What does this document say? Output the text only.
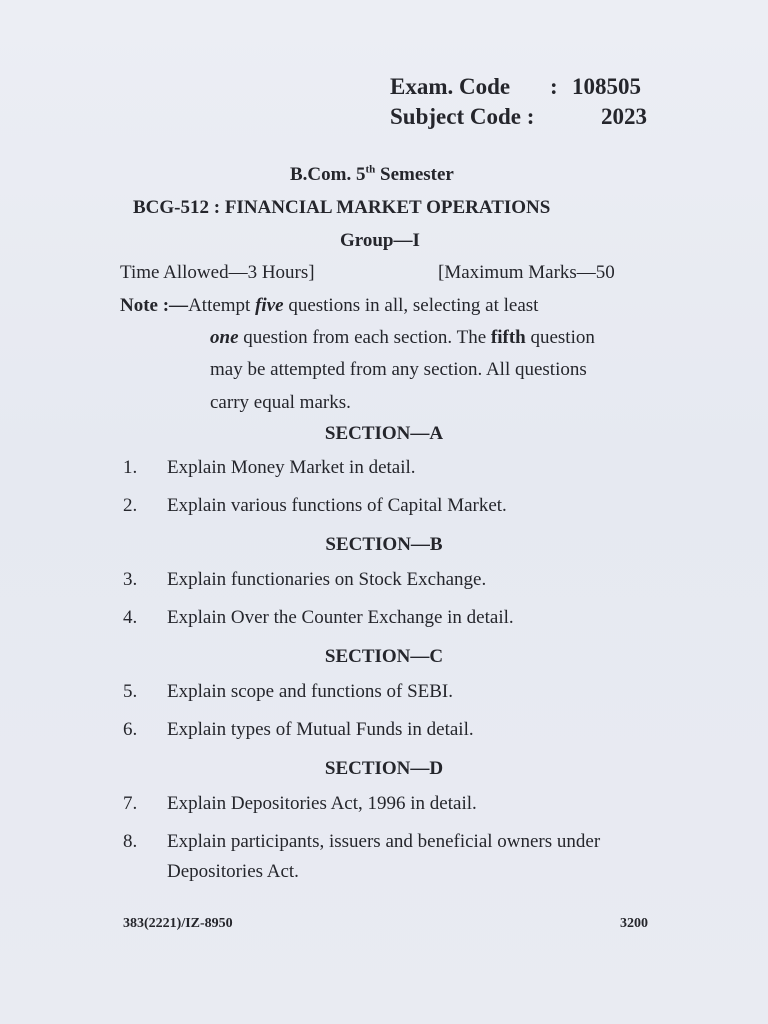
Exam. Code : 108505
Subject Code :	2023
B.Com. 5th Semester
BCG-512 : FINANCIAL MARKET OPERATIONS
Group—I
Time Allowed—3 Hours]	[Maximum Marks—50
Note :—Attempt five questions in all, selecting at least
one question from each section. The fifth question
may be attempted from any section. All questions
carry equal marks.
SECTION—A
1. Explain Money Market in detail.
2. Explain various functions of Capital Market.
SECTION—B
3. Explain functionaries on Stock Exchange.
4. Explain Over the Counter Exchange in detail.
SECTION—C
5. Explain scope and functions of SEBI.
6. Explain types of Mutual Funds in detail.
SECTION—D
7. Explain Depositories Act, 1996 in detail.
8. Explain participants, issuers and beneficial owners under
Depositories Act.
383(2221)/IZ-8950	3200
